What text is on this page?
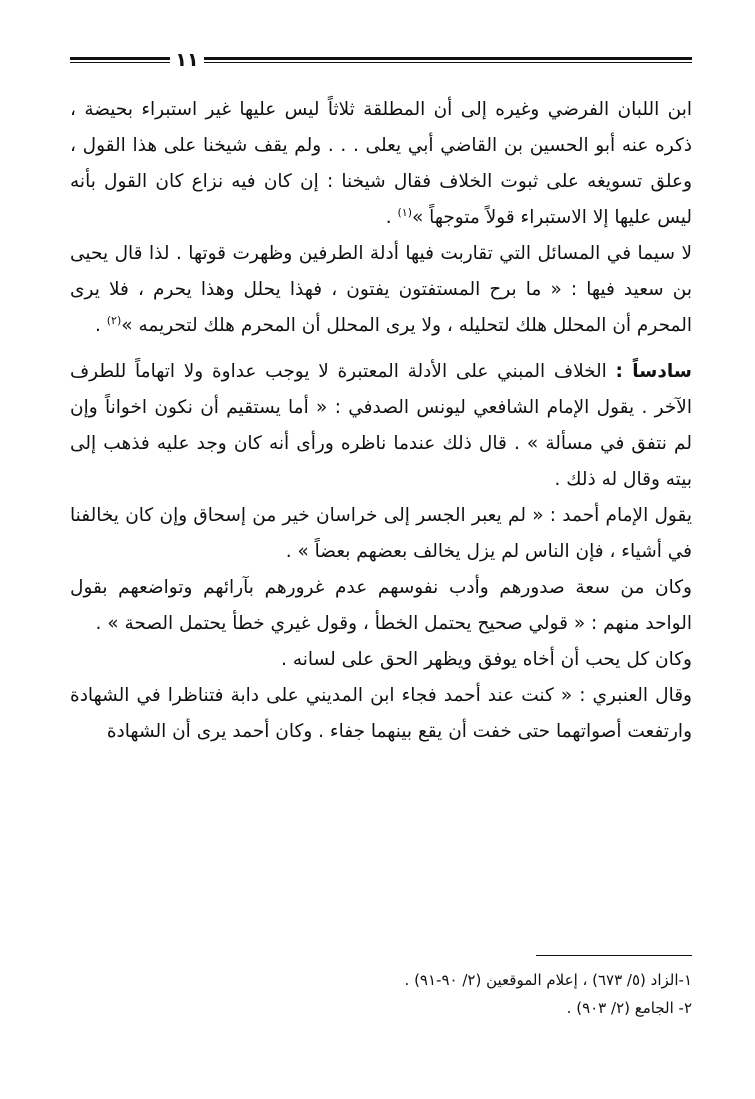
١١

ابن اللبان الفرضي وغيره إلى أن المطلقة ثلاثاً ليس عليها غير استبراء بحيضة ، ذكره عنه أبو الحسين بن القاضي أبي يعلى . . . ولم يقف شيخنا على هذا القول ، وعلق تسويغه على ثبوت الخلاف فقال شيخنا : إن كان فيه نزاع كان القول بأنه ليس عليها إلا الاستبراء قولاً متوجهاً »$^{(١)}$ .

لا سيما في المسائل التي تقاربت فيها أدلة الطرفين وظهرت قوتها . لذا قال يحيى بن سعيد فيها : « ما برح المستفتون يفتون ، فهذا يحلل وهذا يحرم ، فلا يرى المحرم أن المحلل هلك لتحليله ، ولا يرى المحلل أن المحرم هلك لتحريمه »$^{(٢)}$ .

سادساً : الخلاف المبني على الأدلة المعتبرة لا يوجب عداوة ولا اتهاماً للطرف الآخر . يقول الإمام الشافعي ليونس الصدفي : « أما يستقيم أن نكون اخواناً وإن لم نتفق في مسألة » . قال ذلك عندما ناظره ورأى أنه كان وجد عليه فذهب إلى بيته وقال له ذلك .

يقول الإمام أحمد : « لم يعبر الجسر إلى خراسان خير من إسحاق وإن كان يخالفنا في أشياء ، فإن الناس لم يزل يخالف بعضهم بعضاً » .

وكان من سعة صدورهم وأدب نفوسهم عدم غرورهم بآرائهم وتواضعهم بقول الواحد منهم : « قولي صحيح يحتمل الخطأ ، وقول غيري خطأ يحتمل الصحة » .

وكان كل يحب أن أخاه يوفق ويظهر الحق على لسانه .

وقال العنبري : « كنت عند أحمد فجاء ابن المديني على دابة فتناظرا في الشهادة وارتفعت أصواتهما حتى خفت أن يقع بينهما جفاء . وكان أحمد يرى أن الشهادة

١-الزاد (٥/ ٦٧٣) ، إعلام الموقعين (٢/ ٩٠-٩١) .
٢- الجامع (٢/ ٩٠٣) .
